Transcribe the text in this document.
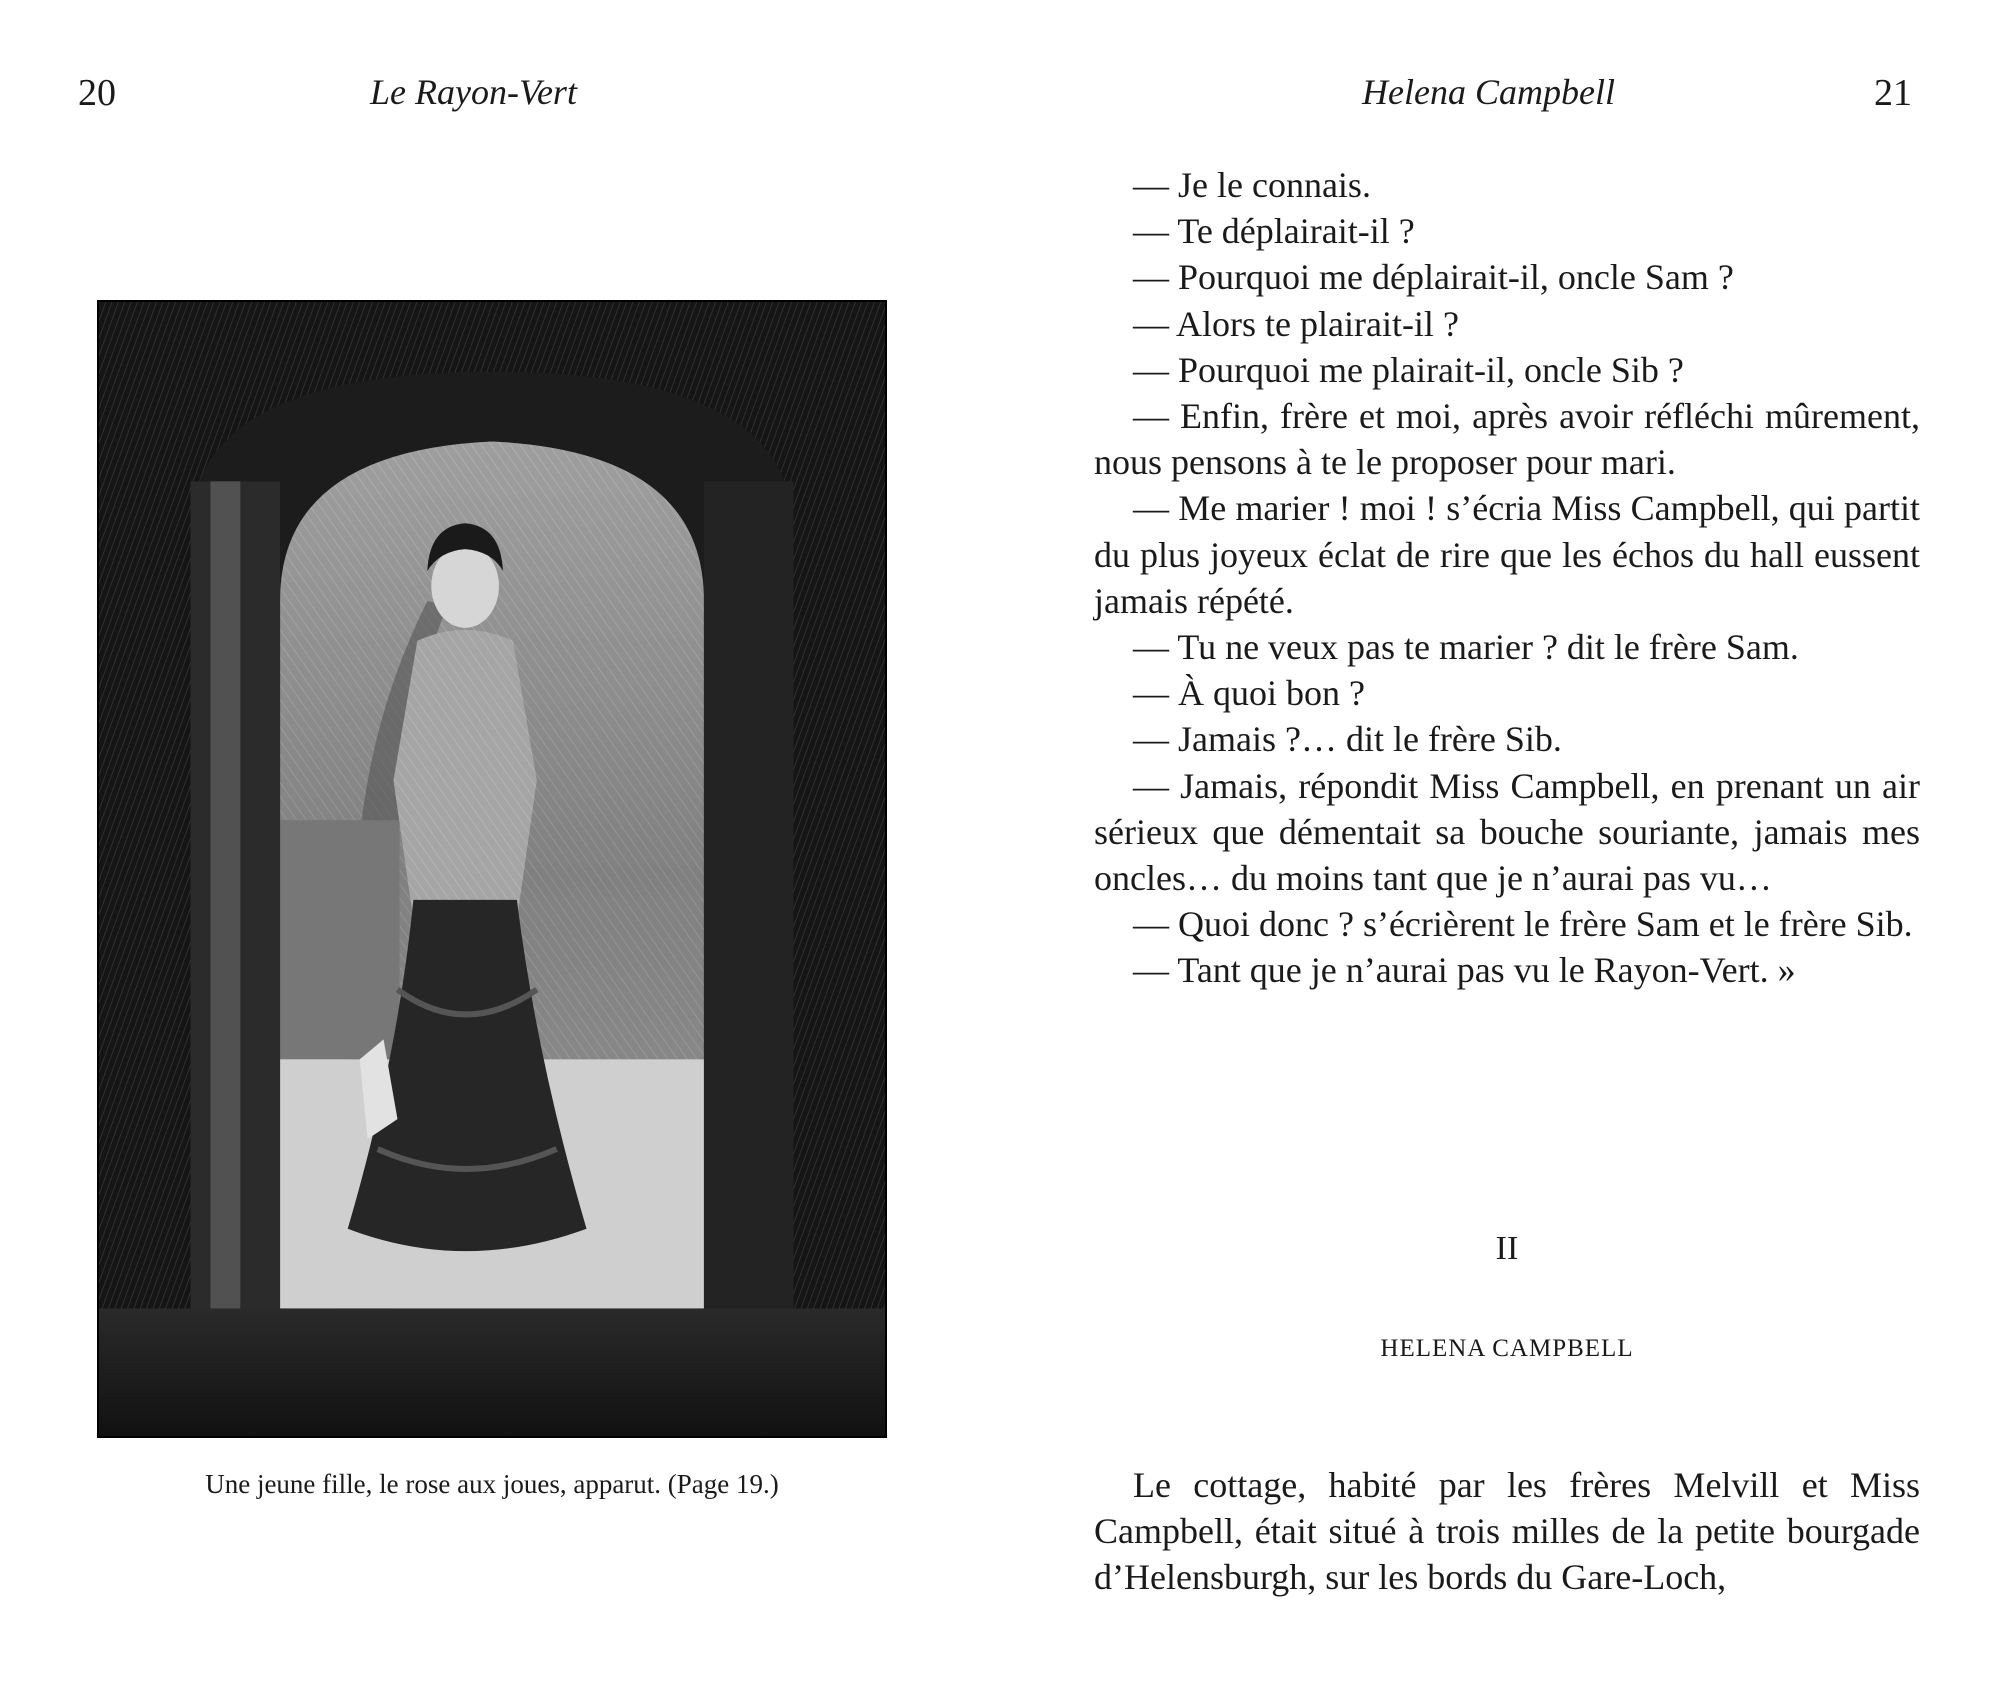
20	Le Rayon-Vert
Une jeune fille, le rose aux joues, apparut. (Page 19.)
21
Helena Campbell

— Je le connais.

— Te déplairait-il ?

— Pourquoi me déplairait-il, oncle Sam ?

— Alors te plairait-il ?

— Pourquoi me plairait-il, oncle Sib ?

— Enfin, frère et moi, après avoir réfléchi mûrement, nous pensons à te le proposer pour mari.

— Me marier ! moi ! s’écria Miss Campbell, qui partit du plus joyeux éclat de rire que les échos du hall eussent jamais répété.

— Tu ne veux pas te marier ? dit le frère Sam.

— À quoi bon ?

— Jamais ?… dit le frère Sib.

— Jamais, répondit Miss Campbell, en prenant un air sérieux que démentait sa bouche souriante, jamais mes oncles… du moins tant que je n’aurai pas vu…

— Quoi donc ? s’écrièrent le frère Sam et le frère Sib.

— Tant que je n’aurai pas vu le Rayon-Vert. »

II
HELENA CAMPBELL

Le cottage, habité par les frères Melvill et Miss Campbell, était situé à trois milles de la petite bourgade d’Helensburgh, sur les bords du Gare-Loch,
